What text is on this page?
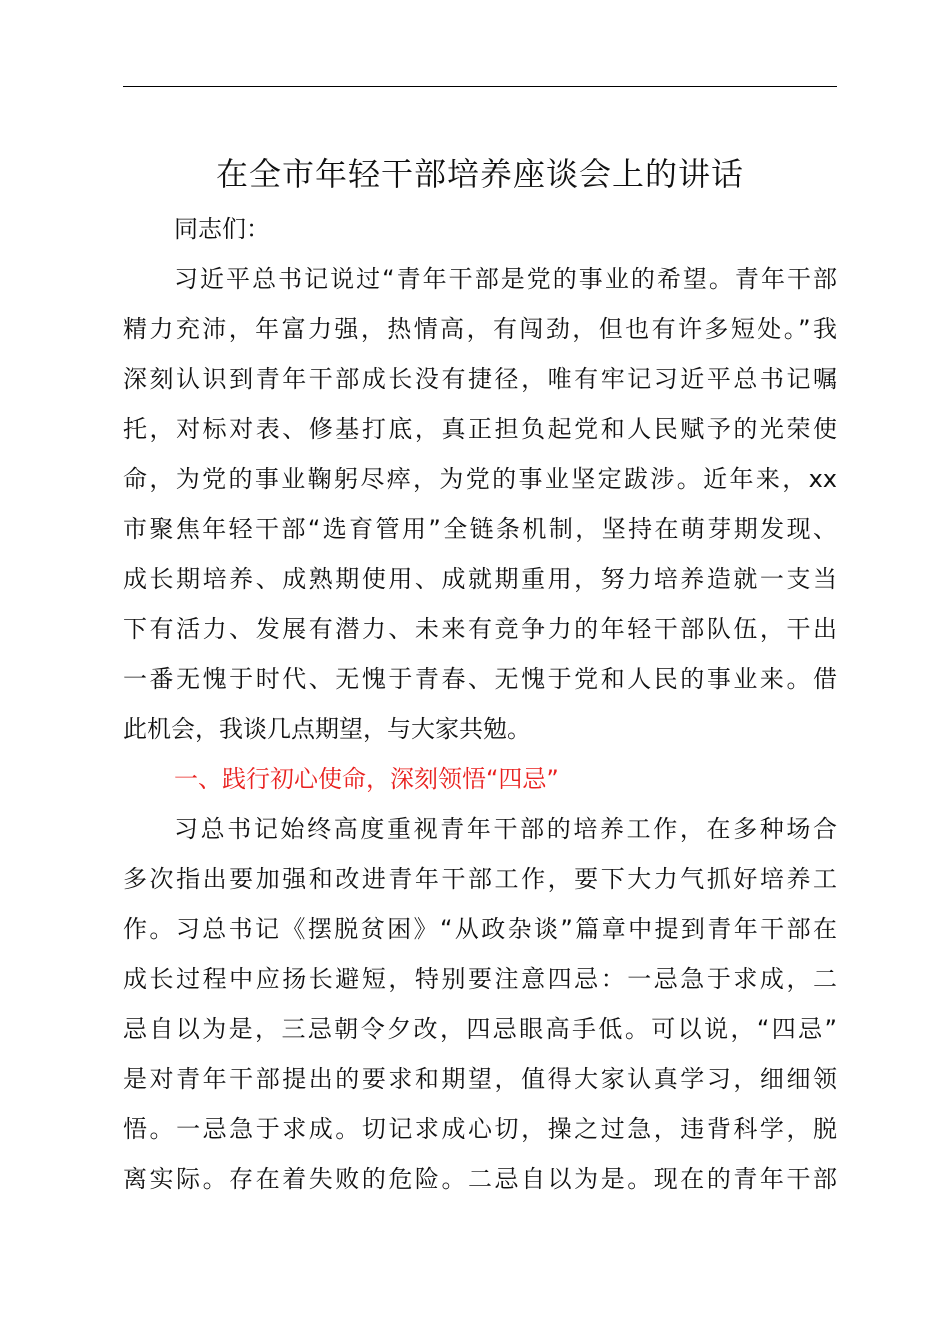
在全市年轻干部培养座谈会上的讲话
同志们：
习近平总书记说过“青年干部是党的事业的希望。青年干部
精力充沛，年富力强，热情高，有闯劲，但也有许多短处。”我
深刻认识到青年干部成长没有捷径，唯有牢记习近平总书记嘱
托，对标对表、修基打底，真正担负起党和人民赋予的光荣使
命，为党的事业鞠躬尽瘁，为党的事业坚定跋涉。近年来，xx
市聚焦年轻干部“选育管用”全链条机制，坚持在萌芽期发现、
成长期培养、成熟期使用、成就期重用，努力培养造就一支当
下有活力、发展有潜力、未来有竞争力的年轻干部队伍，干出
一番无愧于时代、无愧于青春、无愧于党和人民的事业来。借
此机会，我谈几点期望，与大家共勉。
一、践行初心使命，深刻领悟“四忌”
习总书记始终高度重视青年干部的培养工作，在多种场合
多次指出要加强和改进青年干部工作，要下大力气抓好培养工
作。习总书记《摆脱贫困》“从政杂谈”篇章中提到青年干部在
成长过程中应扬长避短，特别要注意四忌：一忌急于求成，二
忌自以为是，三忌朝令夕改，四忌眼高手低。可以说，“四忌”
是对青年干部提出的要求和期望，值得大家认真学习，细细领
悟。一忌急于求成。切记求成心切，操之过急，违背科学，脱
离实际。存在着失败的危险。二忌自以为是。现在的青年干部
